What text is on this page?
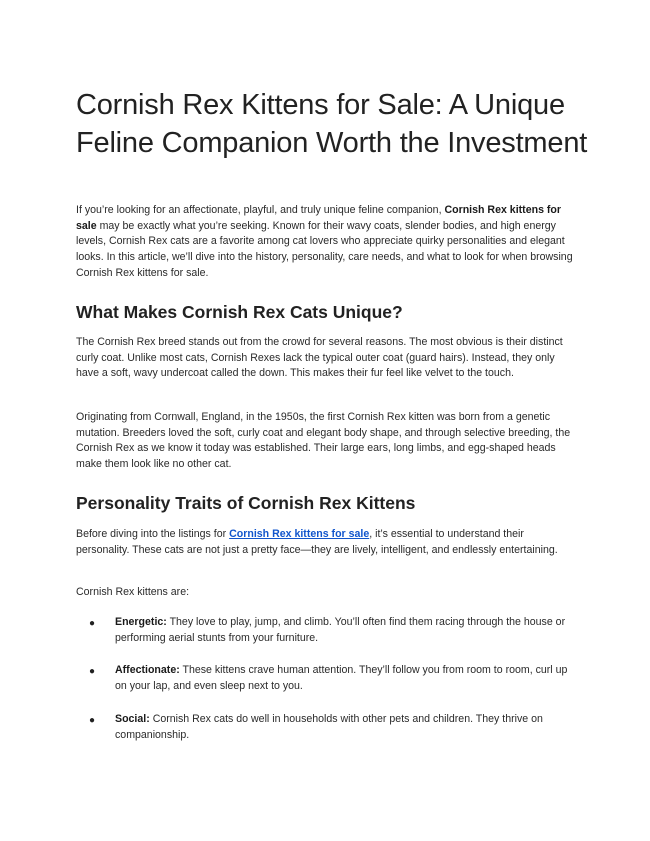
Cornish Rex Kittens for Sale: A Unique Feline Companion Worth the Investment

If you’re looking for an affectionate, playful, and truly unique feline companion, Cornish Rex kittens for sale may be exactly what you’re seeking. Known for their wavy coats, slender bodies, and high energy levels, Cornish Rex cats are a favorite among cat lovers who appreciate quirky personalities and elegant looks. In this article, we’ll dive into the history, personality, care needs, and what to look for when browsing Cornish Rex kittens for sale.

What Makes Cornish Rex Cats Unique?

The Cornish Rex breed stands out from the crowd for several reasons. The most obvious is their distinct curly coat. Unlike most cats, Cornish Rexes lack the typical outer coat (guard hairs). Instead, they only have a soft, wavy undercoat called the down. This makes their fur feel like velvet to the touch.

Originating from Cornwall, England, in the 1950s, the first Cornish Rex kitten was born from a genetic mutation. Breeders loved the soft, curly coat and elegant body shape, and through selective breeding, the Cornish Rex as we know it today was established. Their large ears, long limbs, and egg-shaped heads make them look like no other cat.

Personality Traits of Cornish Rex Kittens

Before diving into the listings for Cornish Rex kittens for sale, it’s essential to understand their personality. These cats are not just a pretty face—they are lively, intelligent, and endlessly entertaining.

Cornish Rex kittens are:

● Energetic: They love to play, jump, and climb. You’ll often find them racing through the house or performing aerial stunts from your furniture.
● Affectionate: These kittens crave human attention. They’ll follow you from room to room, curl up on your lap, and even sleep next to you.
● Social: Cornish Rex cats do well in households with other pets and children. They thrive on companionship.
